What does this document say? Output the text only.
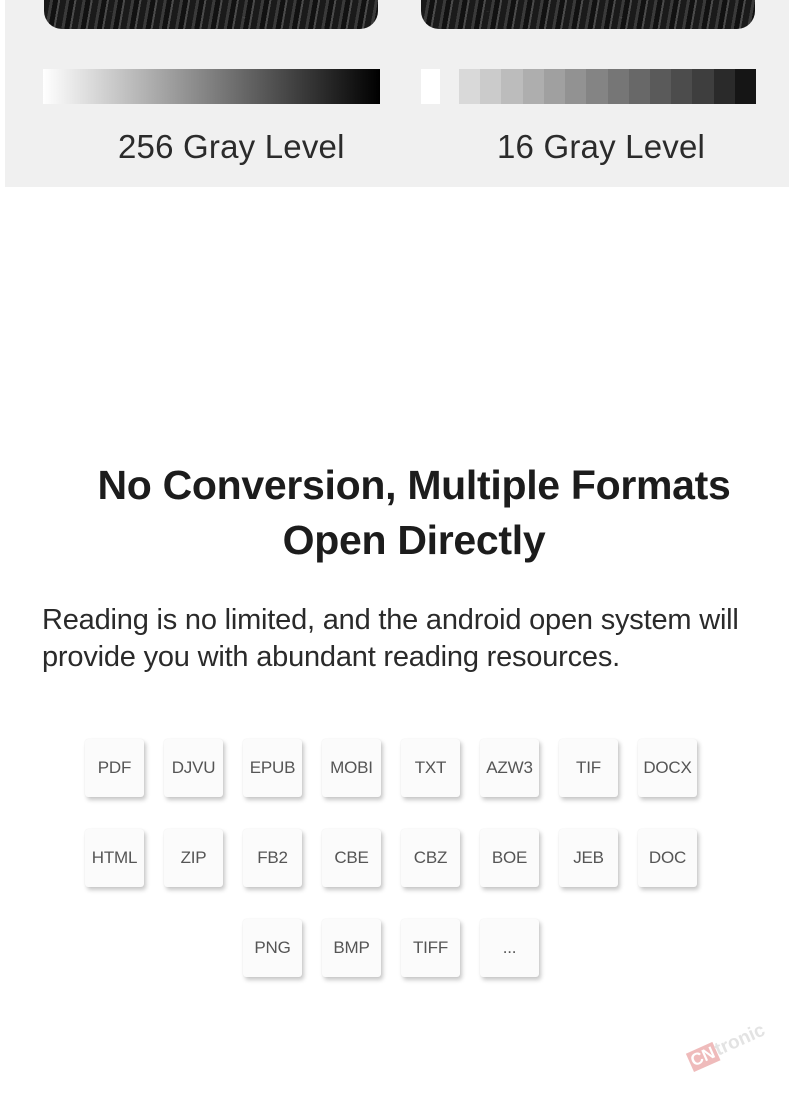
256 Gray Level	16 Gray Level
No Conversion, Multiple Formats
Open Directly

Reading is no limited, and the android open system will provide you with abundant reading resources.

PDF	DJVU	EPUB	MOBI	TXT	AZW3	TIF	DOCX
HTML	ZIP	FB2	CBE	CBZ	BOE	JEB	DOC
PNG	BMP	TIFF	...
CNtronic
